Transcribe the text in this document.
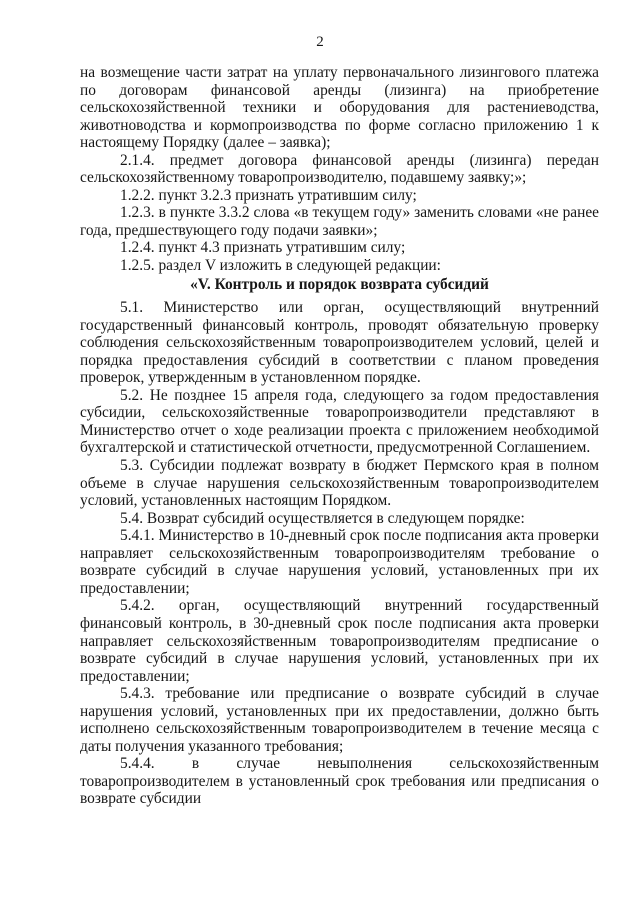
2

на возмещение части затрат на уплату первоначального лизингового платежа по договорам финансовой аренды (лизинга) на приобретение сельскохозяйственной техники и оборудования для растениеводства, животноводства и кормопроизводства по форме согласно приложению 1 к настоящему Порядку (далее – заявка);

2.1.4. предмет договора финансовой аренды (лизинга) передан сельскохозяйственному товаропроизводителю, подавшему заявку;»;

1.2.2. пункт 3.2.3 признать утратившим силу;

1.2.3. в пункте 3.3.2 слова «в текущем году» заменить словами «не ранее года, предшествующего году подачи заявки»;

1.2.4. пункт 4.3 признать утратившим силу;

1.2.5. раздел V изложить в следующей редакции:

«V. Контроль и порядок возврата субсидий

5.1. Министерство или орган, осуществляющий внутренний государственный финансовый контроль, проводят обязательную проверку соблюдения сельскохозяйственным товаропроизводителем условий, целей и порядка предоставления субсидий в соответствии с планом проведения проверок, утвержденным в установленном порядке.

5.2. Не позднее 15 апреля года, следующего за годом предоставления субсидии, сельскохозяйственные товаропроизводители представляют в Министерство отчет о ходе реализации проекта с приложением необходимой бухгалтерской и статистической отчетности, предусмотренной Соглашением.

5.3. Субсидии подлежат возврату в бюджет Пермского края в полном объеме в случае нарушения сельскохозяйственным товаропроизводителем условий, установленных настоящим Порядком.

5.4. Возврат субсидий осуществляется в следующем порядке:

5.4.1. Министерство в 10-дневный срок после подписания акта проверки направляет сельскохозяйственным товаропроизводителям требование о возврате субсидий в случае нарушения условий, установленных при их предоставлении;

5.4.2. орган, осуществляющий внутренний государственный финансовый контроль, в 30-дневный срок после подписания акта проверки направляет сельскохозяйственным товаропроизводителям предписание о возврате субсидий в случае нарушения условий, установленных при их предоставлении;

5.4.3. требование или предписание о возврате субсидий в случае нарушения условий, установленных при их предоставлении, должно быть исполнено сельскохозяйственным товаропроизводителем в течение месяца с даты получения указанного требования;

5.4.4. в случае невыполнения сельскохозяйственным товаропроизводителем в установленный срок требования или предписания о возврате субсидии
